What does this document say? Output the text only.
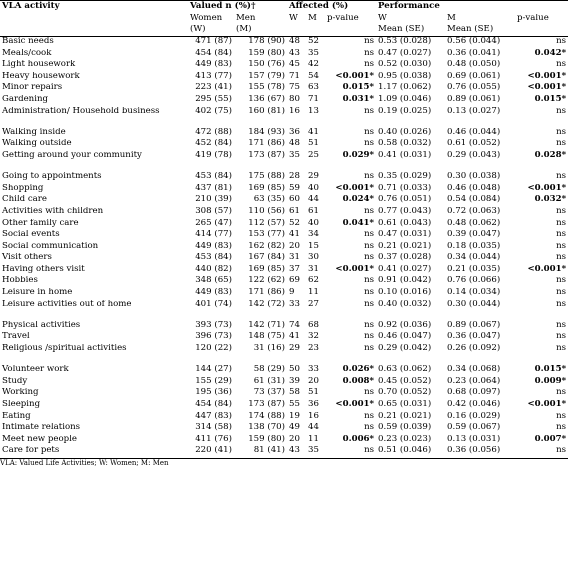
VLA activity	Valued n (%)†		Affected (%)			Performance		
	Women	Men	W	M	p-value	W	M	p-value
	(W)	(M)				Mean (SE)	Mean (SE)	
Basic needs	471 (87)	178 (90)	48	52	ns	0.53 (0.028)	0.56 (0.044)	ns
Meals/cook	454 (84)	159 (80)	43	35	ns	0.47 (0.027)	0.36 (0.041)	0.042*
Light housework	449 (83)	150 (76)	45	42	ns	0.52 (0.030)	0.48 (0.050)	ns
Heavy housework	413 (77)	157 (79)	71	54	<0.001*	0.95 (0.038)	0.69 (0.061)	<0.001*
Minor repairs	223 (41)	155 (78)	75	63	0.015*	1.17 (0.062)	0.76 (0.055)	<0.001*
Gardening	295 (55)	136 (67)	80	71	0.031*	1.09 (0.046)	0.89 (0.061)	0.015*
Administration/ Household business	402 (75)	160 (81)	16	13	ns	0.19 (0.025)	0.13 (0.027)	ns
Walking inside	472 (88)	184 (93)	36	41	ns	0.40 (0.026)	0.46 (0.044)	ns
Walking outside	452 (84)	171 (86)	48	51	ns	0.58 (0.032)	0.61 (0.052)	ns
Getting around your community	419 (78)	173 (87)	35	25	0.029*	0.41 (0.031)	0.29 (0.043)	0.028*
Going to appointments	453 (84)	175 (88)	28	29	ns	0.35 (0.029)	0.30 (0.038)	ns
Shopping	437 (81)	169 (85)	59	40	<0.001*	0.71 (0.033)	0.46 (0.048)	<0.001*
Child care	210 (39)	63 (35)	60	44	0.024*	0.76 (0.051)	0.54 (0.084)	0.032*
Activities with children	308 (57)	110 (56)	61	61	ns	0.77 (0.043)	0.72 (0.063)	ns
Other family care	265 (47)	112 (57)	52	40	0.041*	0.61 (0.043)	0.48 (0.062)	ns
Social events	414 (77)	153 (77)	41	34	ns	0.47 (0.031)	0.39 (0.047)	ns
Social communication	449 (83)	162 (82)	20	15	ns	0.21 (0.021)	0.18 (0.035)	ns
Visit others	453 (84)	167 (84)	31	30	ns	0.37 (0.028)	0.34 (0.044)	ns
Having others visit	440 (82)	169 (85)	37	31	<0.001*	0.41 (0.027)	0.21 (0.035)	<0.001*
Hobbies	348 (65)	122 (62)	69	62	ns	0.91 (0.042)	0.76 (0.066)	ns
Leisure in home	449 (83)	171 (86)	9	11	ns	0.10 (0.016)	0.14 (0.034)	ns
Leisure activities out of home	401 (74)	142 (72)	33	27	ns	0.40 (0.032)	0.30 (0.044)	ns
Physical activities	393 (73)	142 (71)	74	68	ns	0.92 (0.036)	0.89 (0.067)	ns
Travel	396 (73)	148 (75)	41	32	ns	0.46 (0.047)	0.36 (0.047)	ns
Religious /spiritual activities	120 (22)	31 (16)	29	23	ns	0.29 (0.042)	0.26 (0.092)	ns
Volunteer work	144 (27)	58 (29)	50	33	0.026*	0.63 (0.062)	0.34 (0.068)	0.015*
Study	155 (29)	61 (31)	39	20	0.008*	0.45 (0.052)	0.23 (0.064)	0.009*
Working	195 (36)	73 (37)	58	51	ns	0.70 (0.052)	0.68 (0.097)	ns
Sleeping	454 (84)	173 (87)	55	36	<0.001*	0.65 (0.031)	0.42 (0.046)	<0.001*
Eating	447 (83)	174 (88)	19	16	ns	0.21 (0.021)	0.16 (0.029)	ns
Intimate relations	314 (58)	138 (70)	49	44	ns	0.59 (0.039)	0.59 (0.067)	ns
Meet new people	411 (76)	159 (80)	20	11	0.006*	0.23 (0.023)	0.13 (0.031)	0.007*
Care for pets	220 (41)	81 (41)	43	35	ns	0.51 (0.046)	0.36 (0.056)	ns
VLA: Valued Life Activities; W: Women; M: Men
